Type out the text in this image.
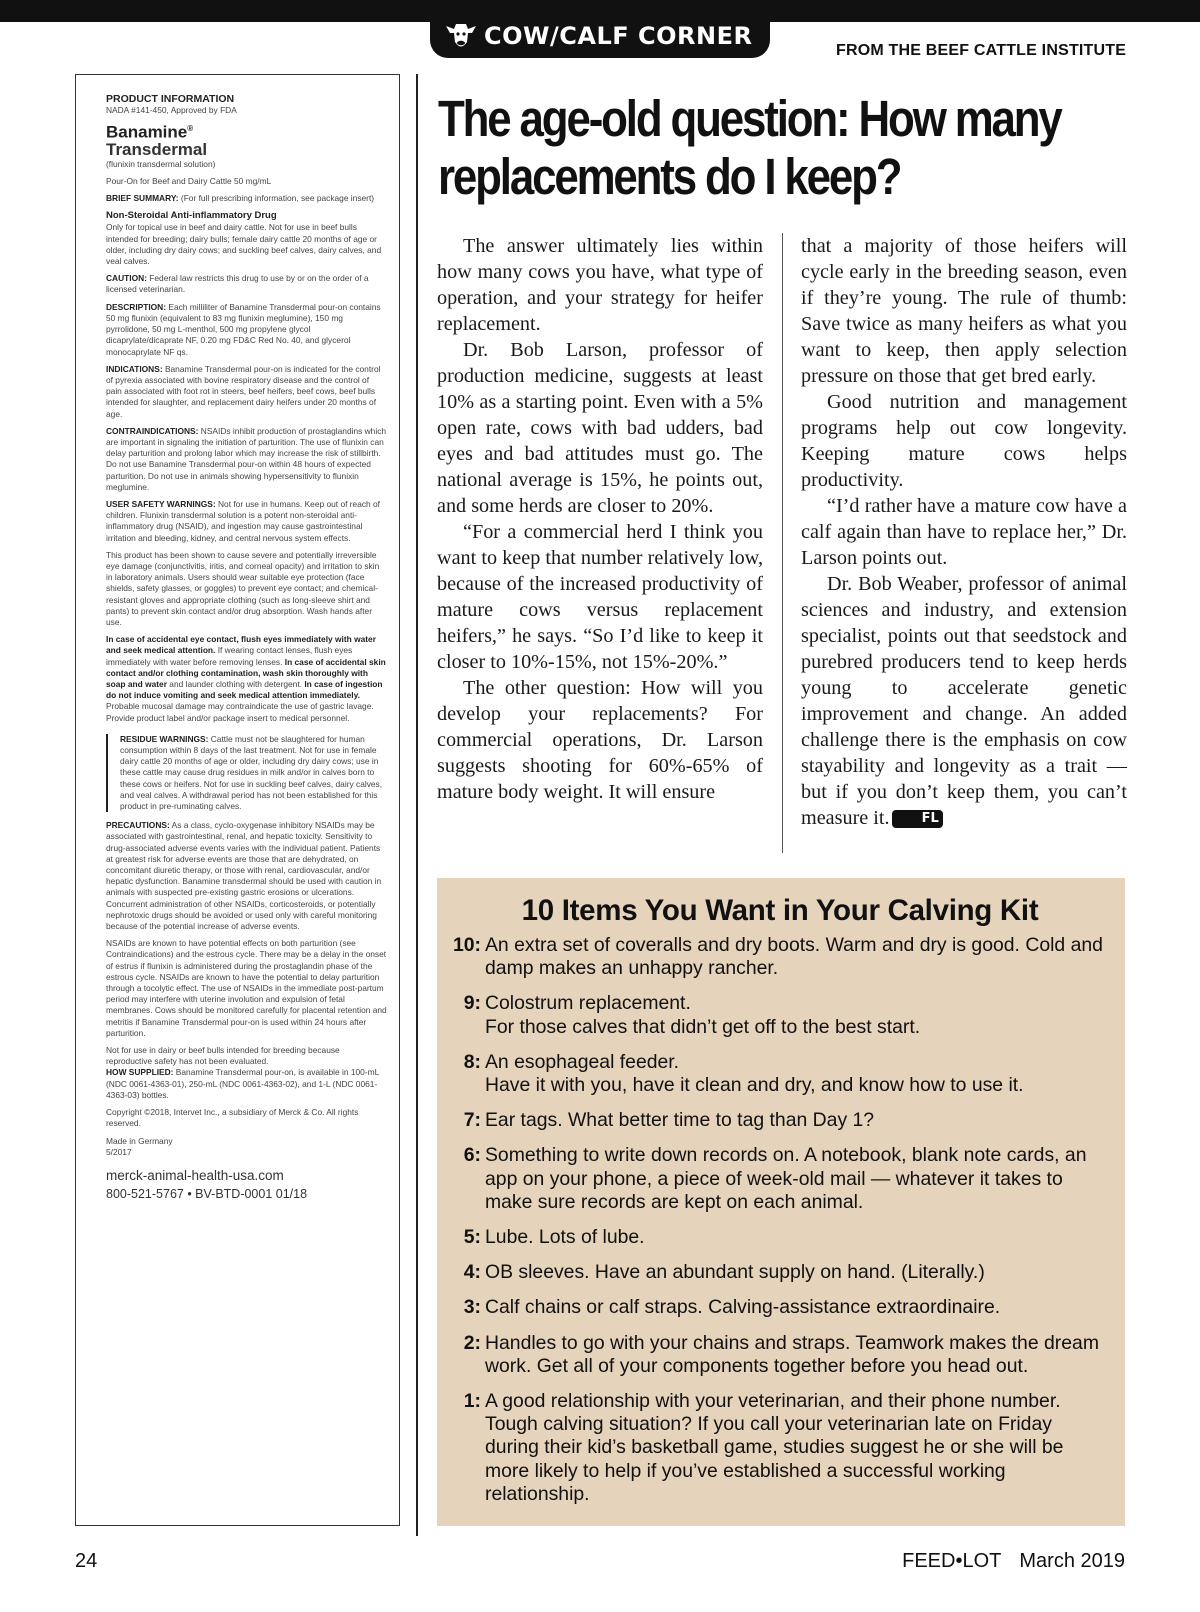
COW/CALF CORNER
FROM THE BEEF CATTLE INSTITUTE
PRODUCT INFORMATION
NADA #141-450, Approved by FDA
Banamine®
Transdermal
(flunixin transdermal solution)
Pour-On for Beef and Dairy Cattle 50 mg/mL
BRIEF SUMMARY: (For full prescribing information, see package insert)
Non-Steroidal Anti-inflammatory Drug
Only for topical use in beef and dairy cattle. Not for use in beef bulls intended for breeding; dairy bulls; female dairy cattle 20 months of age or older, including dry dairy cows; and suckling beef calves, dairy calves, and veal calves.
CAUTION: Federal law restricts this drug to use by or on the order of a licensed veterinarian.
DESCRIPTION: Each milliliter of Banamine Transdermal pour-on contains 50 mg flunixin (equivalent to 83 mg flunixin meglumine), 150 mg pyrrolidone, 50 mg L-menthol, 500 mg propylene glycol dicaprylate/dicaprate NF, 0.20 mg FD&C Red No. 40, and glycerol monocaprylate NF qs.
INDICATIONS: Banamine Transdermal pour-on is indicated for the control of pyrexia associated with bovine respiratory disease and the control of pain associated with foot rot in steers, beef heifers, beef cows, beef bulls intended for slaughter, and replacement dairy heifers under 20 months of age.
CONTRAINDICATIONS: NSAIDs inhibit production of prostaglandins which are important in signaling the initiation of parturition. The use of flunixin can delay parturition and prolong labor which may increase the risk of stillbirth. Do not use Banamine Transdermal pour-on within 48 hours of expected parturition. Do not use in animals showing hypersensitivity to flunixin meglumine.
USER SAFETY WARNINGS: Not for use in humans. Keep out of reach of children. Flunixin transdermal solution is a potent non-steroidal anti-inflammatory drug (NSAID), and ingestion may cause gastrointestinal irritation and bleeding, kidney, and central nervous system effects.
This product has been shown to cause severe and potentially irreversible eye damage (conjunctivitis, iritis, and corneal opacity) and irritation to skin in laboratory animals. Users should wear suitable eye protection (face shields, safety glasses, or goggles) to prevent eye contact; and chemical-resistant gloves and appropriate clothing (such as long-sleeve shirt and pants) to prevent skin contact and/or drug absorption. Wash hands after use.
In case of accidental eye contact, flush eyes immediately with water and seek medical attention. If wearing contact lenses, flush eyes immediately with water before removing lenses. In case of accidental skin contact and/or clothing contamination, wash skin thoroughly with soap and water and launder clothing with detergent. In case of ingestion do not induce vomiting and seek medical attention immediately. Probable mucosal damage may contraindicate the use of gastric lavage. Provide product label and/or package insert to medical personnel.
RESIDUE WARNINGS: Cattle must not be slaughtered for human consumption within 8 days of the last treatment. Not for use in female dairy cattle 20 months of age or older, including dry dairy cows; use in these cattle may cause drug residues in milk and/or in calves born to these cows or heifers. Not for use in suckling beef calves, dairy calves, and veal calves. A withdrawal period has not been established for this product in pre-ruminating calves.
PRECAUTIONS: As a class, cyclo-oxygenase inhibitory NSAIDs may be associated with gastrointestinal, renal, and hepatic toxicity. Sensitivity to drug-associated adverse events varies with the individual patient. Patients at greatest risk for adverse events are those that are dehydrated, on concomitant diuretic therapy, or those with renal, cardiovascular, and/or hepatic dysfunction. Banamine transdermal should be used with caution in animals with suspected pre-existing gastric erosions or ulcerations. Concurrent administration of other NSAIDs, corticosteroids, or potentially nephrotoxic drugs should be avoided or used only with careful monitoring because of the potential increase of adverse events.
NSAIDs are known to have potential effects on both parturition (see Contraindications) and the estrous cycle. There may be a delay in the onset of estrus if flunixin is administered during the prostaglandin phase of the estrous cycle. NSAIDs are known to have the potential to delay parturition through a tocolytic effect. The use of NSAIDs in the immediate post-partum period may interfere with uterine involution and expulsion of fetal membranes. Cows should be monitored carefully for placental retention and metritis if Banamine Transdermal pour-on is used within 24 hours after parturition.
Not for use in dairy or beef bulls intended for breeding because reproductive safety has not been evaluated.
HOW SUPPLIED: Banamine Transdermal pour-on, is available in 100-mL (NDC 0061-4363-01), 250-mL (NDC 0061-4363-02), and 1-L (NDC 0061-4363-03) bottles.
Copyright ©2018, Intervet Inc., a subsidiary of Merck & Co. All rights reserved.
Made in Germany
5/2017
merck-animal-health-usa.com
800-521-5767 • BV-BTD-0001 01/18
The age-old question: How many replacements do I keep?

The answer ultimately lies within how many cows you have, what type of operation, and your strategy for heifer replacement.

Dr. Bob Larson, professor of production medicine, suggests at least 10% as a starting point. Even with a 5% open rate, cows with bad udders, bad eyes and bad attitudes must go. The national average is 15%, he points out, and some herds are closer to 20%.

“For a commercial herd I think you want to keep that number relatively low, because of the increased productivity of mature cows versus replacement heifers,” he says. “So I’d like to keep it closer to 10%-15%, not 15%-20%.”

The other question: How will you develop your replacements? For commercial operations, Dr. Larson suggests shooting for 60%-65% of mature body weight. It will ensure

that a majority of those heifers will cycle early in the breeding season, even if they’re young. The rule of thumb: Save twice as many heifers as what you want to keep, then apply selection pressure on those that get bred early.

Good nutrition and management programs help out cow longevity. Keeping mature cows helps productivity.

“I’d rather have a mature cow have a calf again than have to replace her,” Dr. Larson points out.

Dr. Bob Weaber, professor of animal sciences and industry, and extension specialist, points out that seedstock and purebred producers tend to keep herds young to accelerate genetic improvement and change. An added challenge there is the emphasis on cow stayability and longevity as a trait — but if you don’t keep them, you can’t measure it. FL

10 Items You Want in Your Calving Kit
10: An extra set of coveralls and dry boots. Warm and dry is good. Cold and damp makes an unhappy rancher.
9: Colostrum replacement.
For those calves that didn’t get off to the best start.
8: An esophageal feeder.
Have it with you, have it clean and dry, and know how to use it.
7: Ear tags. What better time to tag than Day 1?
6: Something to write down records on. A notebook, blank note cards, an app on your phone, a piece of week-old mail — whatever it takes to make sure records are kept on each animal.
5: Lube. Lots of lube.
4: OB sleeves. Have an abundant supply on hand. (Literally.)
3: Calf chains or calf straps. Calving-assistance extraordinaire.
2: Handles to go with your chains and straps. Teamwork makes the dream work. Get all of your components together before you head out.
1: A good relationship with your veterinarian, and their phone number. Tough calving situation? If you call your veterinarian late on Friday during their kid’s basketball game, studies suggest he or she will be more likely to help if you’ve established a successful working relationship.
24	FEED•LOT March 2019
